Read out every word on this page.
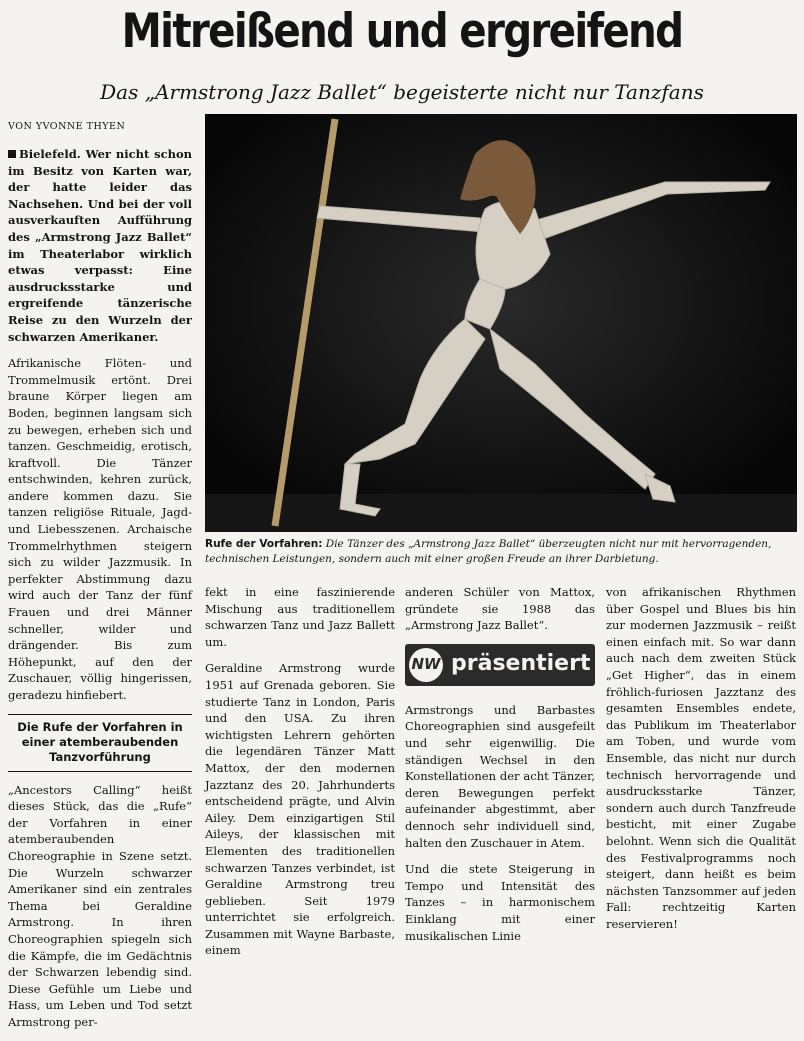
Mitreißend und ergreifend
Das „Armstrong Jazz Ballet“ begeisterte nicht nur Tanzfans
VON YVONNE THYEN

Bielefeld. Wer nicht schon im Besitz von Karten war, der hatte leider das Nachsehen. Und bei der voll ausverkauften Aufführung des „Armstrong Jazz Ballet“ im Theaterlabor wirklich etwas verpasst: Eine ausdrucksstarke und ergreifende tänzerische Reise zu den Wurzeln der schwarzen Amerikaner.

Afrikanische Flöten- und Trommelmusik ertönt. Drei braune Körper liegen am Boden, beginnen langsam sich zu bewegen, erheben sich und tanzen. Geschmeidig, erotisch, kraftvoll. Die Tänzer entschwinden, kehren zurück, andere kommen dazu. Sie tanzen religiöse Rituale, Jagd- und Liebesszenen. Archaische Trommelrhythmen steigern sich zu wilder Jazzmusik. In perfekter Abstimmung dazu wird auch der Tanz der fünf Frauen und drei Männer schneller, wilder und drängender. Bis zum Höhepunkt, auf den der Zuschauer, völlig hingerissen, geradezu hinfiebert.

Die Rufe der Vorfahren in einer atemberaubenden Tanzvorführung

„Ancestors Calling“ heißt dieses Stück, das die „Rufe“ der Vorfahren in einer atemberaubenden Choreographie in Szene setzt. Die Wurzeln schwarzer Amerikaner sind ein zentrales Thema bei Geraldine Armstrong. In ihren Choreographien spiegeln sich die Kämpfe, die im Gedächtnis der Schwarzen lebendig sind. Diese Gefühle um Liebe und Hass, um Leben und Tod setzt Armstrong per-

Rufe der Vorfahren: Die Tänzer des „Armstrong Jazz Ballet“ überzeugten nicht nur mit hervorragenden, technischen Leistungen, sondern auch mit einer großen Freude an ihrer Darbietung.

fekt in eine faszinierende Mischung aus traditionellem schwarzen Tanz und Jazz Ballett um.

Geraldine Armstrong wurde 1951 auf Grenada geboren. Sie studierte Tanz in London, Paris und den USA. Zu ihren wichtigsten Lehrern gehörten die legendären Tänzer Matt Mattox, der den modernen Jazztanz des 20. Jahrhunderts entscheidend prägte, und Alvin Ailey. Dem einzigartigen Stil Aileys, der klassischen mit Elementen des traditionellen schwarzen Tanzes verbindet, ist Geraldine Armstrong treu geblieben. Seit 1979 unterrichtet sie erfolgreich. Zusammen mit Wayne Barbaste, einem

anderen Schüler von Mattox, gründete sie 1988 das „Armstrong Jazz Ballet“.

NW präsentiert

Armstrongs und Barbastes Choreographien sind ausgefeilt und sehr eigenwillig. Die ständigen Wechsel in den Konstellationen der acht Tänzer, deren Bewegungen perfekt aufeinander abgestimmt, aber dennoch sehr individuell sind, halten den Zuschauer in Atem.

Und die stete Steigerung in Tempo und Intensität des Tanzes – in harmonischem Einklang mit einer musikalischen Linie

von afrikanischen Rhythmen über Gospel und Blues bis hin zur modernen Jazzmusik – reißt einen einfach mit. So war dann auch nach dem zweiten Stück „Get Higher“, das in einem fröhlich-furiosen Jazztanz des gesamten Ensembles endete, das Publikum im Theaterlabor am Toben, und wurde vom Ensemble, das nicht nur durch technisch hervorragende und ausdrucksstarke Tänzer, sondern auch durch Tanzfreude besticht, mit einer Zugabe belohnt. Wenn sich die Qualität des Festivalprogramms noch steigert, dann heißt es beim nächsten Tanzsommer auf jeden Fall: rechtzeitig Karten reservieren!
